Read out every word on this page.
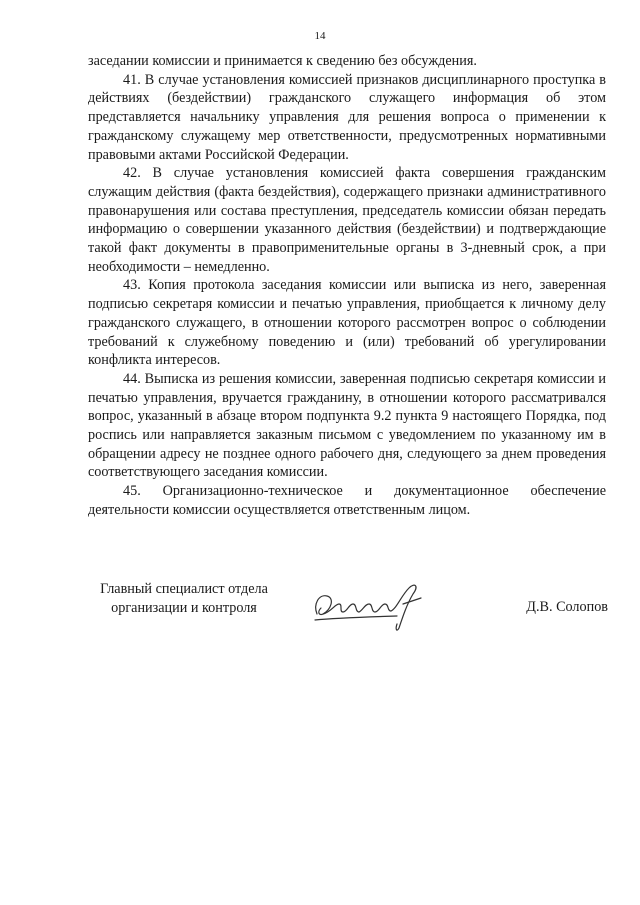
14

заседании комиссии и принимается к сведению без обсуждения.

41. В случае установления комиссией признаков дисциплинарного проступка в действиях (бездействии) гражданского служащего информация об этом представляется начальнику управления для решения вопроса о применении к гражданскому служащему мер ответственности, предусмотренных нормативными правовыми актами Российской Федерации.

42. В случае установления комиссией факта совершения гражданским служащим действия (факта бездействия), содержащего признаки административного правонарушения или состава преступления, председатель комиссии обязан передать информацию о совершении указанного действия (бездействии) и подтверждающие такой факт документы в правоприменительные органы в 3-дневный срок, а при необходимости – немедленно.

43. Копия протокола заседания комиссии или выписка из него, заверенная подписью секретаря комиссии и печатью управления, приобщается к личному делу гражданского служащего, в отношении которого рассмотрен вопрос о соблюдении требований к служебному поведению и (или) требований об урегулировании конфликта интересов.

44. Выписка из решения комиссии, заверенная подписью секретаря комиссии и печатью управления, вручается гражданину, в отношении которого рассматривался вопрос, указанный в абзаце втором подпункта 9.2 пункта 9 настоящего Порядка, под роспись или направляется заказным письмом с уведомлением по указанному им в обращении адресу не позднее одного рабочего дня, следующего за днем проведения соответствующего заседания комиссии.

45. Организационно-техническое и документационное обеспечение деятельности комиссии осуществляется ответственным лицом.

Главный специалист отдела
организации и контроля	Д.В. Солопов
